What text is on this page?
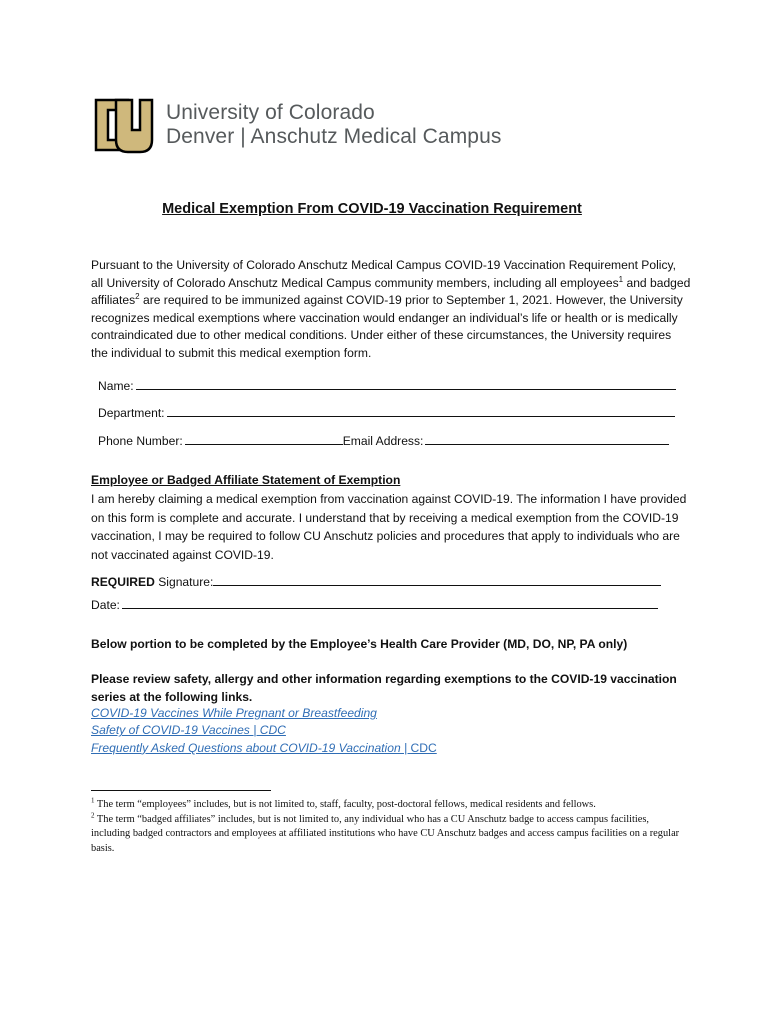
University of Colorado
Denver | Anschutz Medical Campus
Medical Exemption From COVID-19 Vaccination Requirement
Pursuant to the University of Colorado Anschutz Medical Campus COVID-19 Vaccination Requirement Policy, all University of Colorado Anschutz Medical Campus community members, including all employees$^1$ and badged affiliates$^2$ are required to be immunized against COVID-19 prior to September 1, 2021. However, the University recognizes medical exemptions where vaccination would endanger an individual’s life or health or is medically contraindicated due to other medical conditions. Under either of these circumstances, the University requires the individual to submit this medical exemption form.
Name:
Department:
Phone Number:	Email Address:
Employee or Badged Affiliate Statement of Exemption
I am hereby claiming a medical exemption from vaccination against COVID-19. The information I have provided on this form is complete and accurate. I understand that by receiving a medical exemption from the COVID-19 vaccination, I may be required to follow CU Anschutz policies and procedures that apply to individuals who are not vaccinated against COVID-19.
REQUIRED Signature:
Date:
Below portion to be completed by the Employee’s Health Care Provider (MD, DO, NP, PA only)
Please review safety, allergy and other information regarding exemptions to the COVID-19 vaccination series at the following links.
COVID-19 Vaccines While Pregnant or Breastfeeding
Safety of COVID-19 Vaccines | CDC
Frequently Asked Questions about COVID-19 Vaccination | CDC
$^1$ The term “employees” includes, but is not limited to, staff, faculty, post-doctoral fellows, medical residents and fellows.
$^2$ The term “badged affiliates” includes, but is not limited to, any individual who has a CU Anschutz badge to access campus facilities, including badged contractors and employees at affiliated institutions who have CU Anschutz badges and access campus facilities on a regular basis.
